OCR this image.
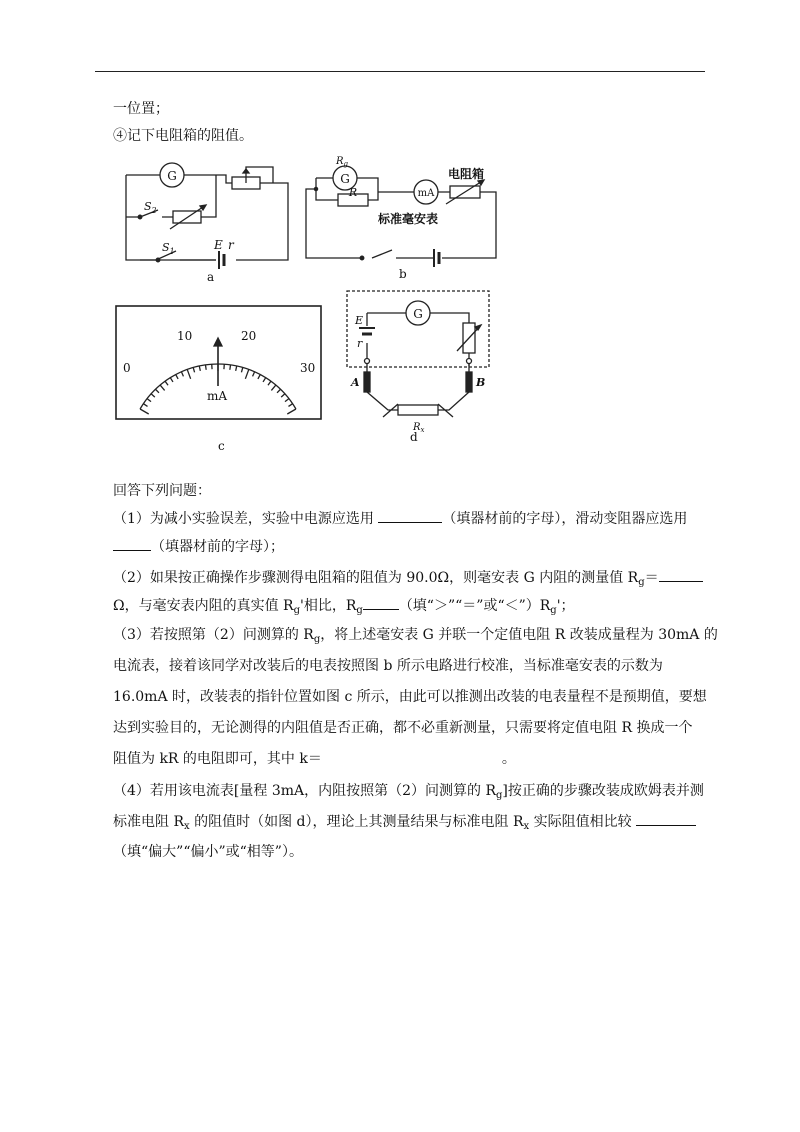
一位置；
④记下电阻箱的阻值。
G
$S_2$
$S_1$	E r
a
$R_g$
G
R	mA
电阻箱
标准毫安表
b
0
10	20
30
mA
c
G
E
r
A	B
$R_x$
d
回答下列问题：
（1）为减小实验误差，实验中电源应选用	（填器材前的字母），滑动变阻器应选用
（填器材前的字母）；
（2）如果按正确操作步骤测得电阻箱的阻值为 90.0Ω，则毫安表 G 内阻的测量值 $R_g=$
Ω，与毫安表内阻的真实值 $R_g'$相比，$R_g$	（填“＞”“＝”或“$<”)R_g'$；
（3）若按照第（2）问测算的 $R_g$，将上述毫安表 G 并联一个定值电阻 R 改装成量程为 30mA 的
电流表，接着该同学对改装后的电表按照图 b 所示电路进行校准，当标准毫安表的示数为
16.0mA 时，改装表的指针位置如图 c 所示，由此可以推测出改装的电表量程不是预期值，要想
达到实验目的，无论测得的内阻值是否正确，都不必重新测量，只需要将定值电阻 R 换成一个
阻值为 kR 的电阻即可，其中 k＝	。
（4）若用该电流表[量程 3mA，内阻按照第（2）问测算的 $R_g$]按正确的步骤改装成欧姆表并测
标准电阻 $R_x$ 的阻值时（如图 d），理论上其测量结果与标准电阻 $R_x$ 实际阻值相比较
（填“偏大”“偏小”或“相等”）。
